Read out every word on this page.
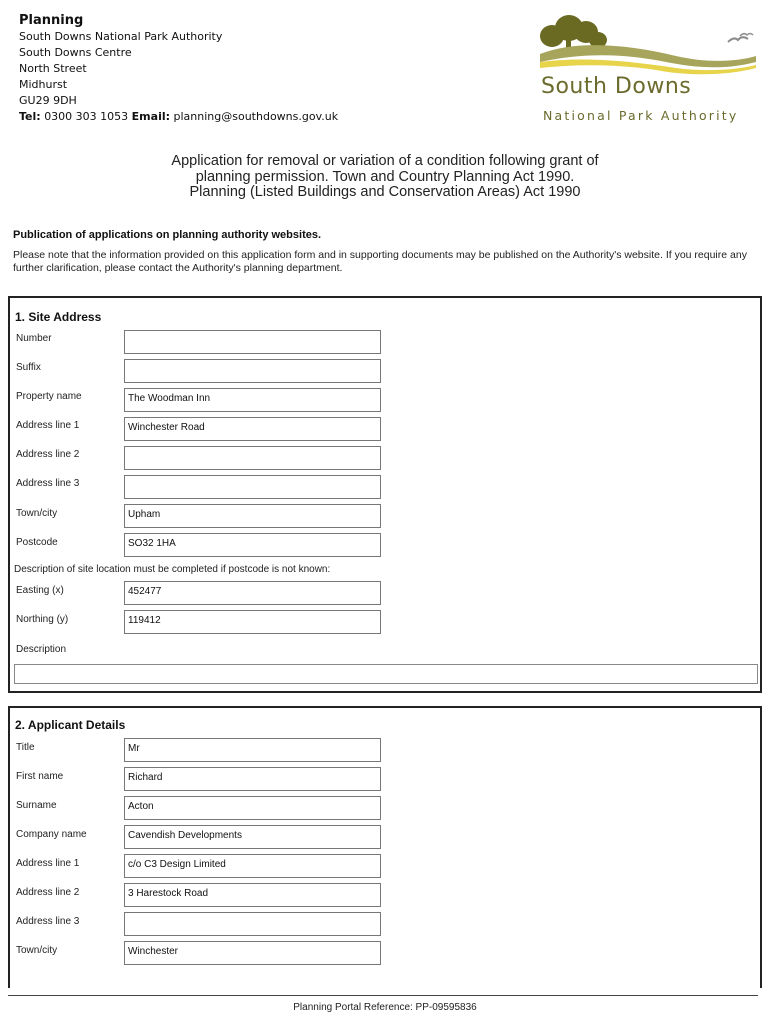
Planning
South Downs National Park Authority
South Downs Centre
North Street
Midhurst
GU29 9DH
Tel: 0300 303 1053 Email: planning@southdowns.gov.uk
South Downs
National Park Authority
Application for removal or variation of a condition following grant of
planning permission. Town and Country Planning Act 1990.
Planning (Listed Buildings and Conservation Areas) Act 1990
Publication of applications on planning authority websites.
Please note that the information provided on this application form and in supporting documents may be published on the Authority's website. If you require any further clarification, please contact the Authority's planning department.
1. Site Address
Number
Suffix
Property name	The Woodman Inn
Address line 1	Winchester Road
Address line 2
Address line 3
Town/city	Upham
Postcode	SO32 1HA
Description of site location must be completed if postcode is not known:
Easting (x)	452477
Northing (y)	119412
Description
2. Applicant Details
Title	Mr
First name	Richard
Surname	Acton
Company name	Cavendish Developments
Address line 1	c/o C3 Design Limited
Address line 2	3 Harestock Road
Address line 3
Town/city	Winchester
Planning Portal Reference: PP-09595836
